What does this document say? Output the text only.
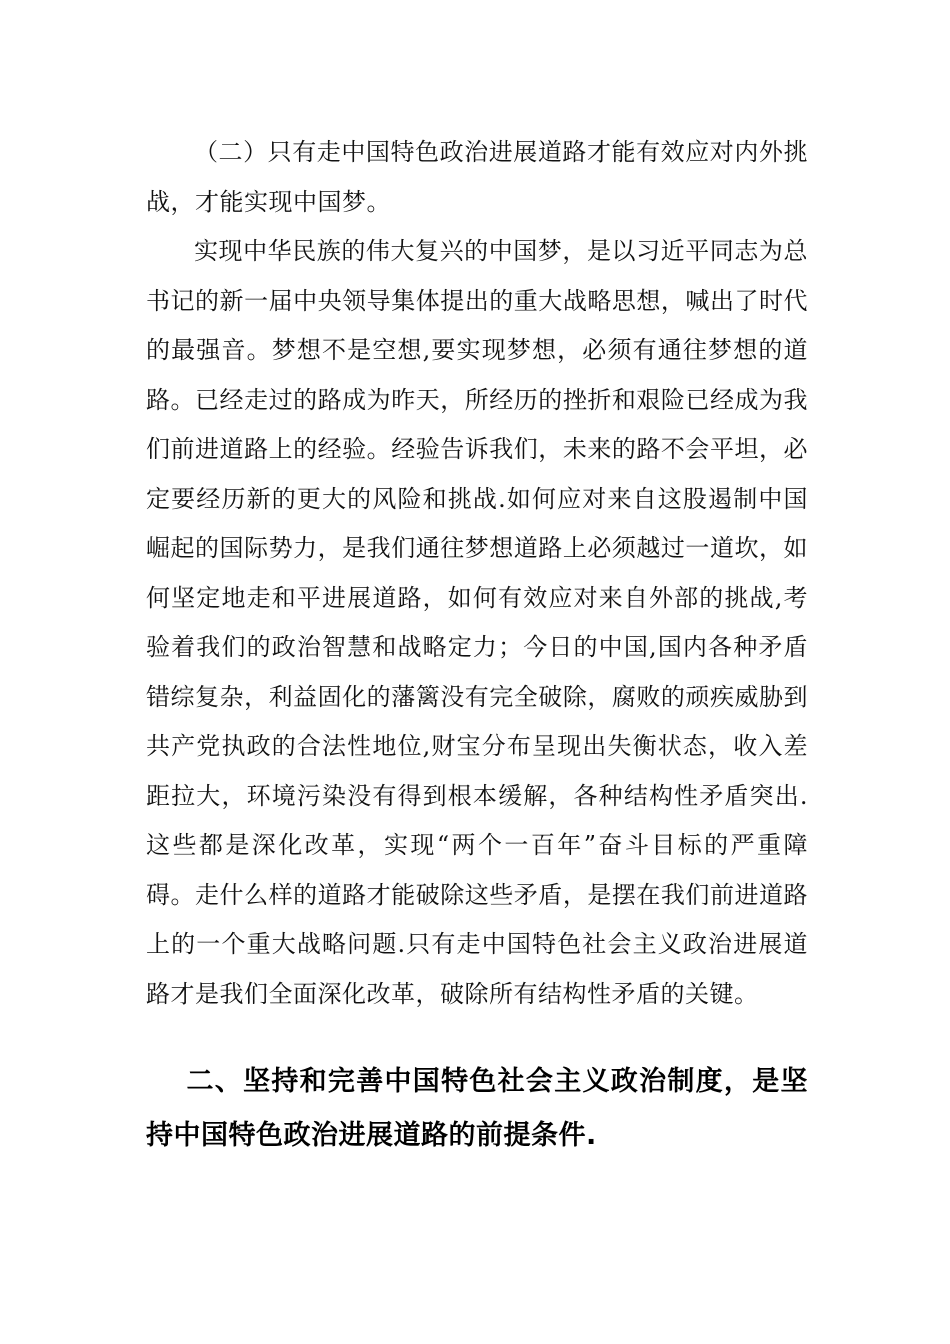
（二）只有走中国特色政治进展道路才能有效应对内外挑战，才能实现中国梦。

实现中华民族的伟大复兴的中国梦，是以习近平同志为总书记的新一届中央领导集体提出的重大战略思想，喊出了时代的最强音。梦想不是空想,要实现梦想，必须有通往梦想的道路。已经走过的路成为昨天，所经历的挫折和艰险已经成为我们前进道路上的经验。经验告诉我们，未来的路不会平坦，必定要经历新的更大的风险和挑战.如何应对来自这股遏制中国崛起的国际势力，是我们通往梦想道路上必须越过一道坎，如何坚定地走和平进展道路，如何有效应对来自外部的挑战,考验着我们的政治智慧和战略定力；今日的中国,国内各种矛盾错综复杂，利益固化的藩篱没有完全破除，腐败的顽疾威胁到共产党执政的合法性地位,财宝分布呈现出失衡状态，收入差距拉大，环境污染没有得到根本缓解，各种结构性矛盾突出.这些都是深化改革，实现“两个一百年”奋斗目标的严重障碍。走什么样的道路才能破除这些矛盾，是摆在我们前进道路上的一个重大战略问题.只有走中国特色社会主义政治进展道路才是我们全面深化改革，破除所有结构性矛盾的关键。

二、坚持和完善中国特色社会主义政治制度，是坚持中国特色政治进展道路的前提条件.
